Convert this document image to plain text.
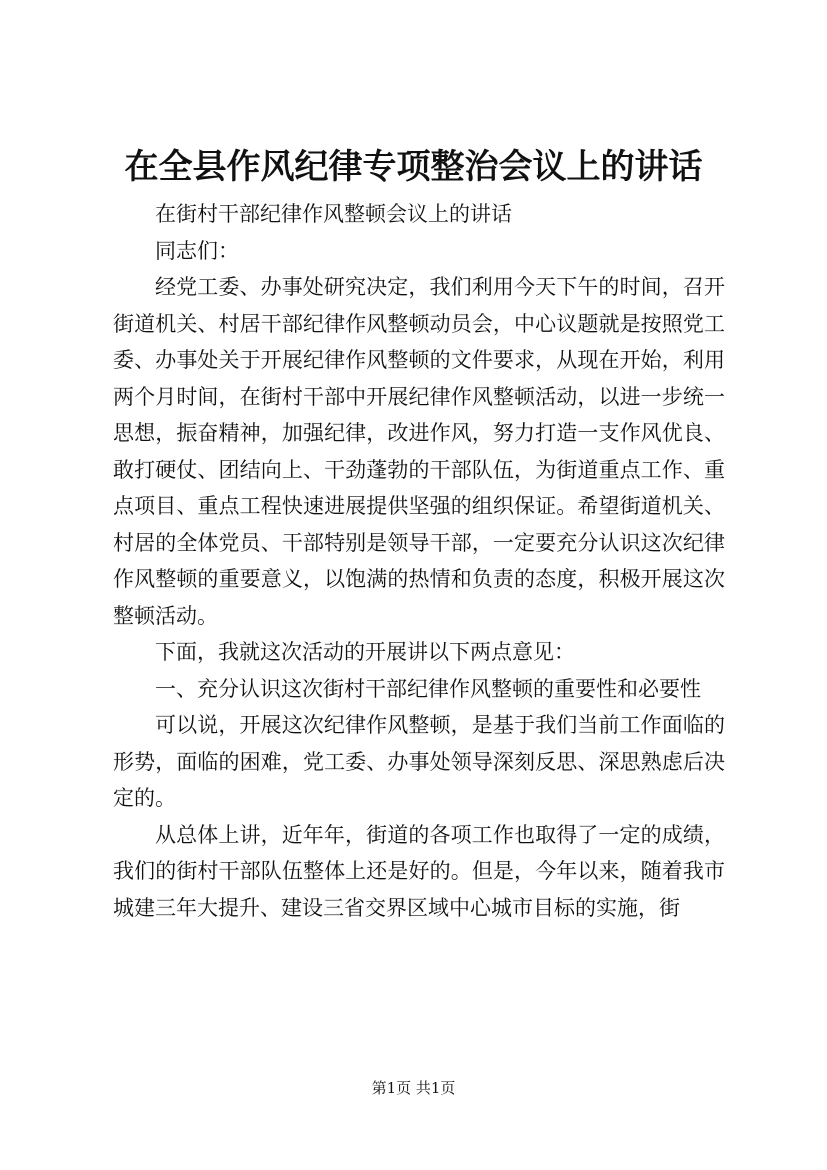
在全县作风纪律专项整治会议上的讲话

在街村干部纪律作风整顿会议上的讲话

同志们：

经党工委、办事处研究决定，我们利用今天下午的时间，召开街道机关、村居干部纪律作风整顿动员会，中心议题就是按照党工委、办事处关于开展纪律作风整顿的文件要求，从现在开始，利用两个月时间，在街村干部中开展纪律作风整顿活动，以进一步统一思想，振奋精神，加强纪律，改进作风，努力打造一支作风优良、敢打硬仗、团结向上、干劲蓬勃的干部队伍，为街道重点工作、重点项目、重点工程快速进展提供坚强的组织保证。希望街道机关、村居的全体党员、干部特别是领导干部，一定要充分认识这次纪律作风整顿的重要意义，以饱满的热情和负责的态度，积极开展这次整顿活动。

下面，我就这次活动的开展讲以下两点意见：

一、充分认识这次街村干部纪律作风整顿的重要性和必要性

可以说，开展这次纪律作风整顿，是基于我们当前工作面临的形势，面临的困难，党工委、办事处领导深刻反思、深思熟虑后决定的。

从总体上讲，近年年，街道的各项工作也取得了一定的成绩，我们的街村干部队伍整体上还是好的。但是，今年以来，随着我市城建三年大提升、建设三省交界区域中心城市目标的实施，街

第1页 共1页
